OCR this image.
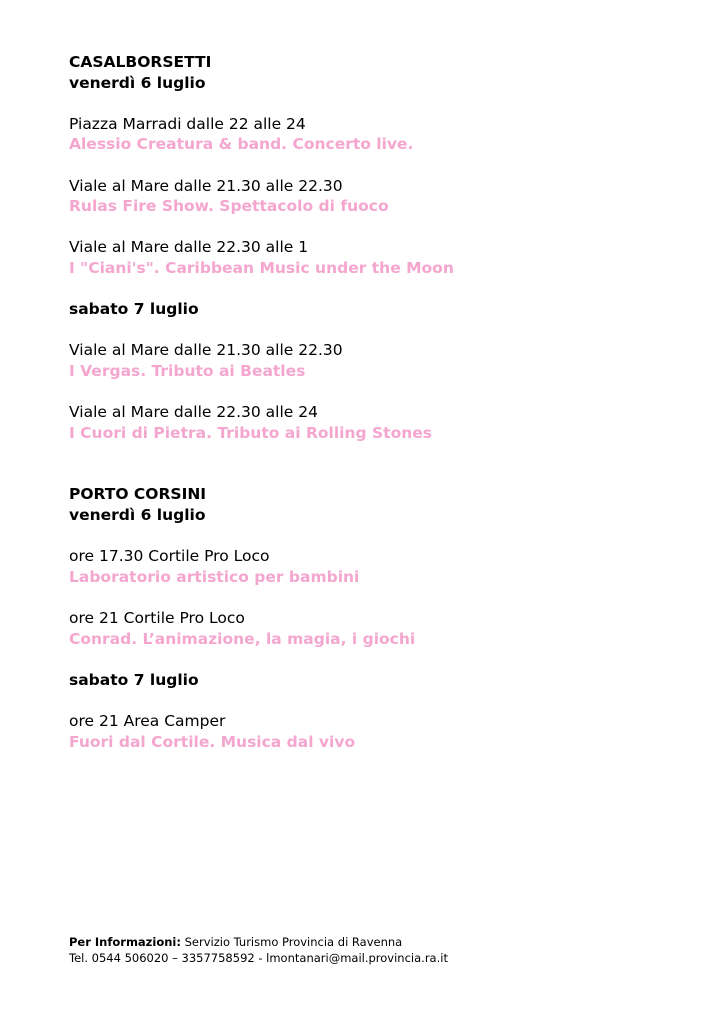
CASALBORSETTI
venerdì 6 luglio
Piazza Marradi dalle 22 alle 24
Alessio Creatura & band. Concerto live.
Viale al Mare dalle 21.30 alle 22.30
Rulas Fire Show. Spettacolo di fuoco
Viale al Mare dalle 22.30 alle 1
I "Ciani's". Caribbean Music under the Moon
sabato 7 luglio
Viale al Mare dalle 21.30 alle 22.30
I Vergas. Tributo ai Beatles
Viale al Mare dalle 22.30 alle 24
I Cuori di Pietra. Tributo ai Rolling Stones
PORTO CORSINI
venerdì 6 luglio
ore 17.30 Cortile Pro Loco
Laboratorio artistico per bambini
ore 21 Cortile Pro Loco
Conrad. L’animazione, la magia, i giochi
sabato 7 luglio
ore 21 Area Camper
Fuori dal Cortile. Musica dal vivo
Per Informazioni: Servizio Turismo Provincia di Ravenna
Tel. 0544 506020 – 3357758592 - lmontanari@mail.provincia.ra.it
